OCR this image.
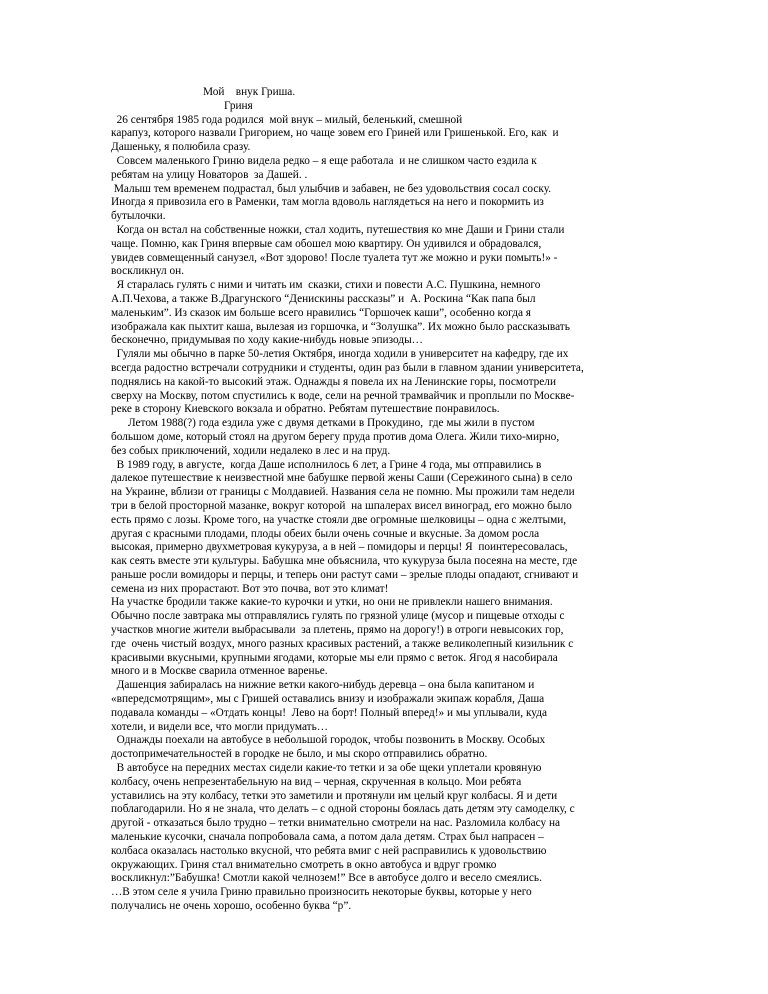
Мой    внук Гриша.
Гриня
26 сентября 1985 года родился  мой внук – милый, беленький, смешной
карапуз, которого назвали Григорием, но чаще зовем его Гриней или Гришенькой. Его, как  и
Дашеньку, я полюбила сразу.
Совсем маленького Гриню видела редко – я еще работала  и не слишком часто ездила к
ребятам на улицу Новаторов  за Дашей. .
Малыш тем временем подрастал, был улыбчив и забавен, не без удовольствия сосал соску.
Иногда я привозила его в Раменки, там могла вдоволь наглядеться на него и покормить из
бутылочки.
Когда он встал на собственные ножки, стал ходить, путешествия ко мне Даши и Грини стали
чаще. Помню, как Гриня впервые сам обошел мою квартиру. Он удивился и обрадовался,
увидев совмещенный санузел, «Вот здорово! После туалета тут же можно и руки помыть!» -
воскликнул он.
Я старалась гулять с ними и читать им  сказки, стихи и повести А.С. Пушкина, немного
А.П.Чехова, а также В.Драгунского “Денискины рассказы” и  А. Роскина “Как папа был
маленьким”. Из сказок им больше всего нравились “Горшочек каши”, особенно когда я
изображала как пыхтит каша, вылезая из горшочка, и “Золушка”. Их можно было рассказывать
бесконечно, придумывая по ходу какие-нибудь новые эпизоды…
Гуляли мы обычно в парке 50-летия Октября, иногда ходили в университет на кафедру, где их
всегда радостно встречали сотрудники и студенты, один раз были в главном здании университета,
поднялись на какой-то высокий этаж. Однажды я повела их на Ленинские горы, посмотрели
сверху на Москву, потом спустились к воде, сели на речной трамвайчик и проплыли по Москве-
реке в сторону Киевского вокзала и обратно. Ребятам путешествие понравилось.
Летом 1988(?) года ездила уже с двумя детками в Прокудино,  где мы жили в пустом
большом доме, который стоял на другом берегу пруда против дома Олега. Жили тихо-мирно,
без собых приключений, ходили недалеко в лес и на пруд.
В 1989 году, в августе,  когда Даше исполнилось 6 лет, а Грине 4 года, мы отправились в
далекое путешествие к неизвестной мне бабушке первой жены Саши (Сережиного сына) в село
на Украине, вблизи от границы с Молдавией. Названия села не помню. Мы прожили там недели
три в белой просторной мазанке, вокруг которой  на шпалерах висел виноград, его можно было
есть прямо с лозы. Кроме того, на участке стояли две огромные шелковицы – одна с желтыми,
другая с красными плодами, плоды обеих были очень сочные и вкусные. За домом росла
высокая, примерно двухметровая кукуруза, а в ней – помидоры и перцы! Я  поинтересовалась,
как сеять вместе эти культуры. Бабушка мне объяснила, что кукуруза была посеяна на месте, где
раньше росли вомидоры и перцы, и теперь они растут сами – зрелые плоды опадают, сгнивают и
семена из них прорастают. Вот это почва, вот это климат!
На участке бродили также какие-то курочки и утки, но они не привлекли нашего внимания.
Обычно после завтрака мы отправлялись гулять по грязной улице (мусор и пищевые отходы с
участков многие жители выбрасывали  за плетень, прямо на дорогу!) в отроги невысоких гор,
где  очень чистый воздух, много разных красивых растений, а также великолепный кизильник с
красивыми вкусными, крупными ягодами, которые мы ели прямо с веток. Ягод я насобирала
много и в Москве сварила отменное варенье.
Дашенция забиралась на нижние ветки какого-нибудь деревца – она была капитаном и
«впередсмотрящим», мы с Гришей оставались внизу и изображали экипаж корабля, Даша
подавала команды – «Отдать концы!  Лево на борт! Полный вперед!» и мы уплывали, куда
хотели, и видели все, что могли придумать…
Однажды поехали на автобусе в небольшой городок, чтобы позвонить в Москву. Особых
достопримечательностей в городке не было, и мы скоро отправились обратно.
В автобусе на передних местах сидели какие-то тетки и за обе щеки уплетали кровяную
колбасу, очень непрезентабельную на вид – черная, скрученная в кольцо. Мои ребята
уставились на эту колбасу, тетки это заметили и протянули им целый круг колбасы. Я и дети
поблагодарили. Но я не знала, что делать – с одной стороны боялась дать детям эту самоделку, с
другой - отказаться было трудно – тетки внимательно смотрели на нас. Разломила колбасу на
маленькие кусочки, сначала попробовала сама, а потом дала детям. Страх был напрасен –
колбаса оказалась настолько вкусной, что ребята вмиг с ней расправились к удовольствию
окружающих. Гриня стал внимательно смотреть в окно автобуса и вдруг громко
воскликнул:”Бабушка! Смотли какой челнозем!” Все в автобусе долго и весело смеялись.
…В этом селе я учила Гриню правильно произносить некоторые буквы, которые у него
получались не очень хорошо, особенно буква “р”.
